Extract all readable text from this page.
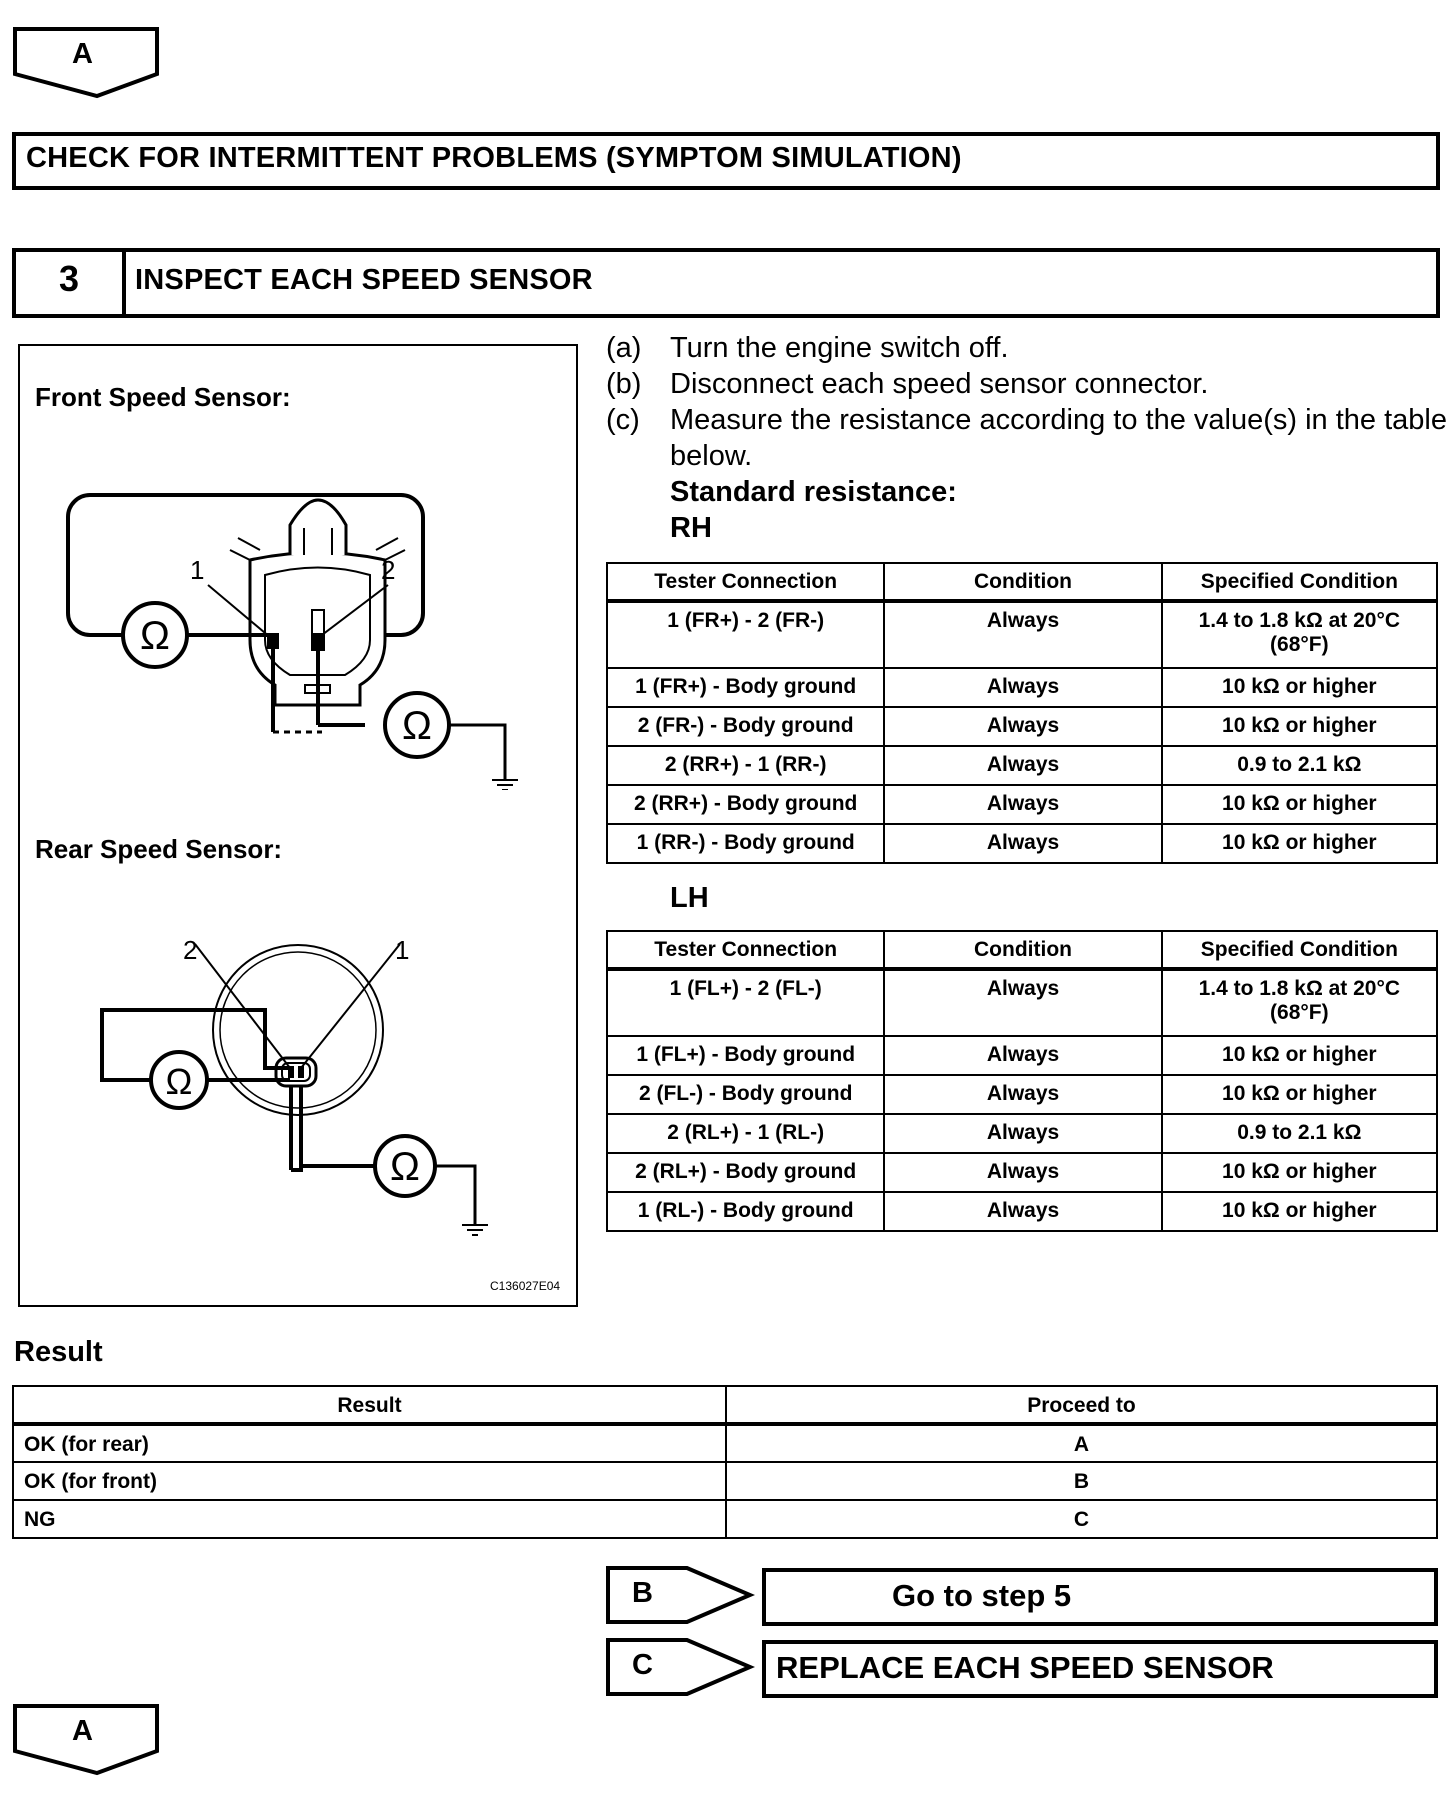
A
CHECK FOR INTERMITTENT PROBLEMS (SYMPTOM SIMULATION)
3	INSPECT EACH SPEED SENSOR
Front Speed Sensor:
Rear Speed Sensor:
1	2
Ω
Ω
2	1
Ω
Ω
C136027E04
(a) Turn the engine switch off.
(b) Disconnect each speed sensor connector.
(c) Measure the resistance according to the value(s) in the table below.
Standard resistance:
RH
Tester Connection	Condition	Specified Condition
1 (FR+) - 2 (FR-)	Always	1.4 to 1.8 kΩ at 20°C (68°F)
1 (FR+) - Body ground	Always	10 kΩ or higher
2 (FR-) - Body ground	Always	10 kΩ or higher
2 (RR+) - 1 (RR-)	Always	0.9 to 2.1 kΩ
2 (RR+) - Body ground	Always	10 kΩ or higher
1 (RR-) - Body ground	Always	10 kΩ or higher
LH
Tester Connection	Condition	Specified Condition
1 (FL+) - 2 (FL-)	Always	1.4 to 1.8 kΩ at 20°C (68°F)
1 (FL+) - Body ground	Always	10 kΩ or higher
2 (FL-) - Body ground	Always	10 kΩ or higher
2 (RL+) - 1 (RL-)	Always	0.9 to 2.1 kΩ
2 (RL+) - Body ground	Always	10 kΩ or higher
1 (RL-) - Body ground	Always	10 kΩ or higher
Result
Result	Proceed to
OK (for rear)	A
OK (for front)	B
NG	C
B	Go to step 5
C	REPLACE EACH SPEED SENSOR
A
